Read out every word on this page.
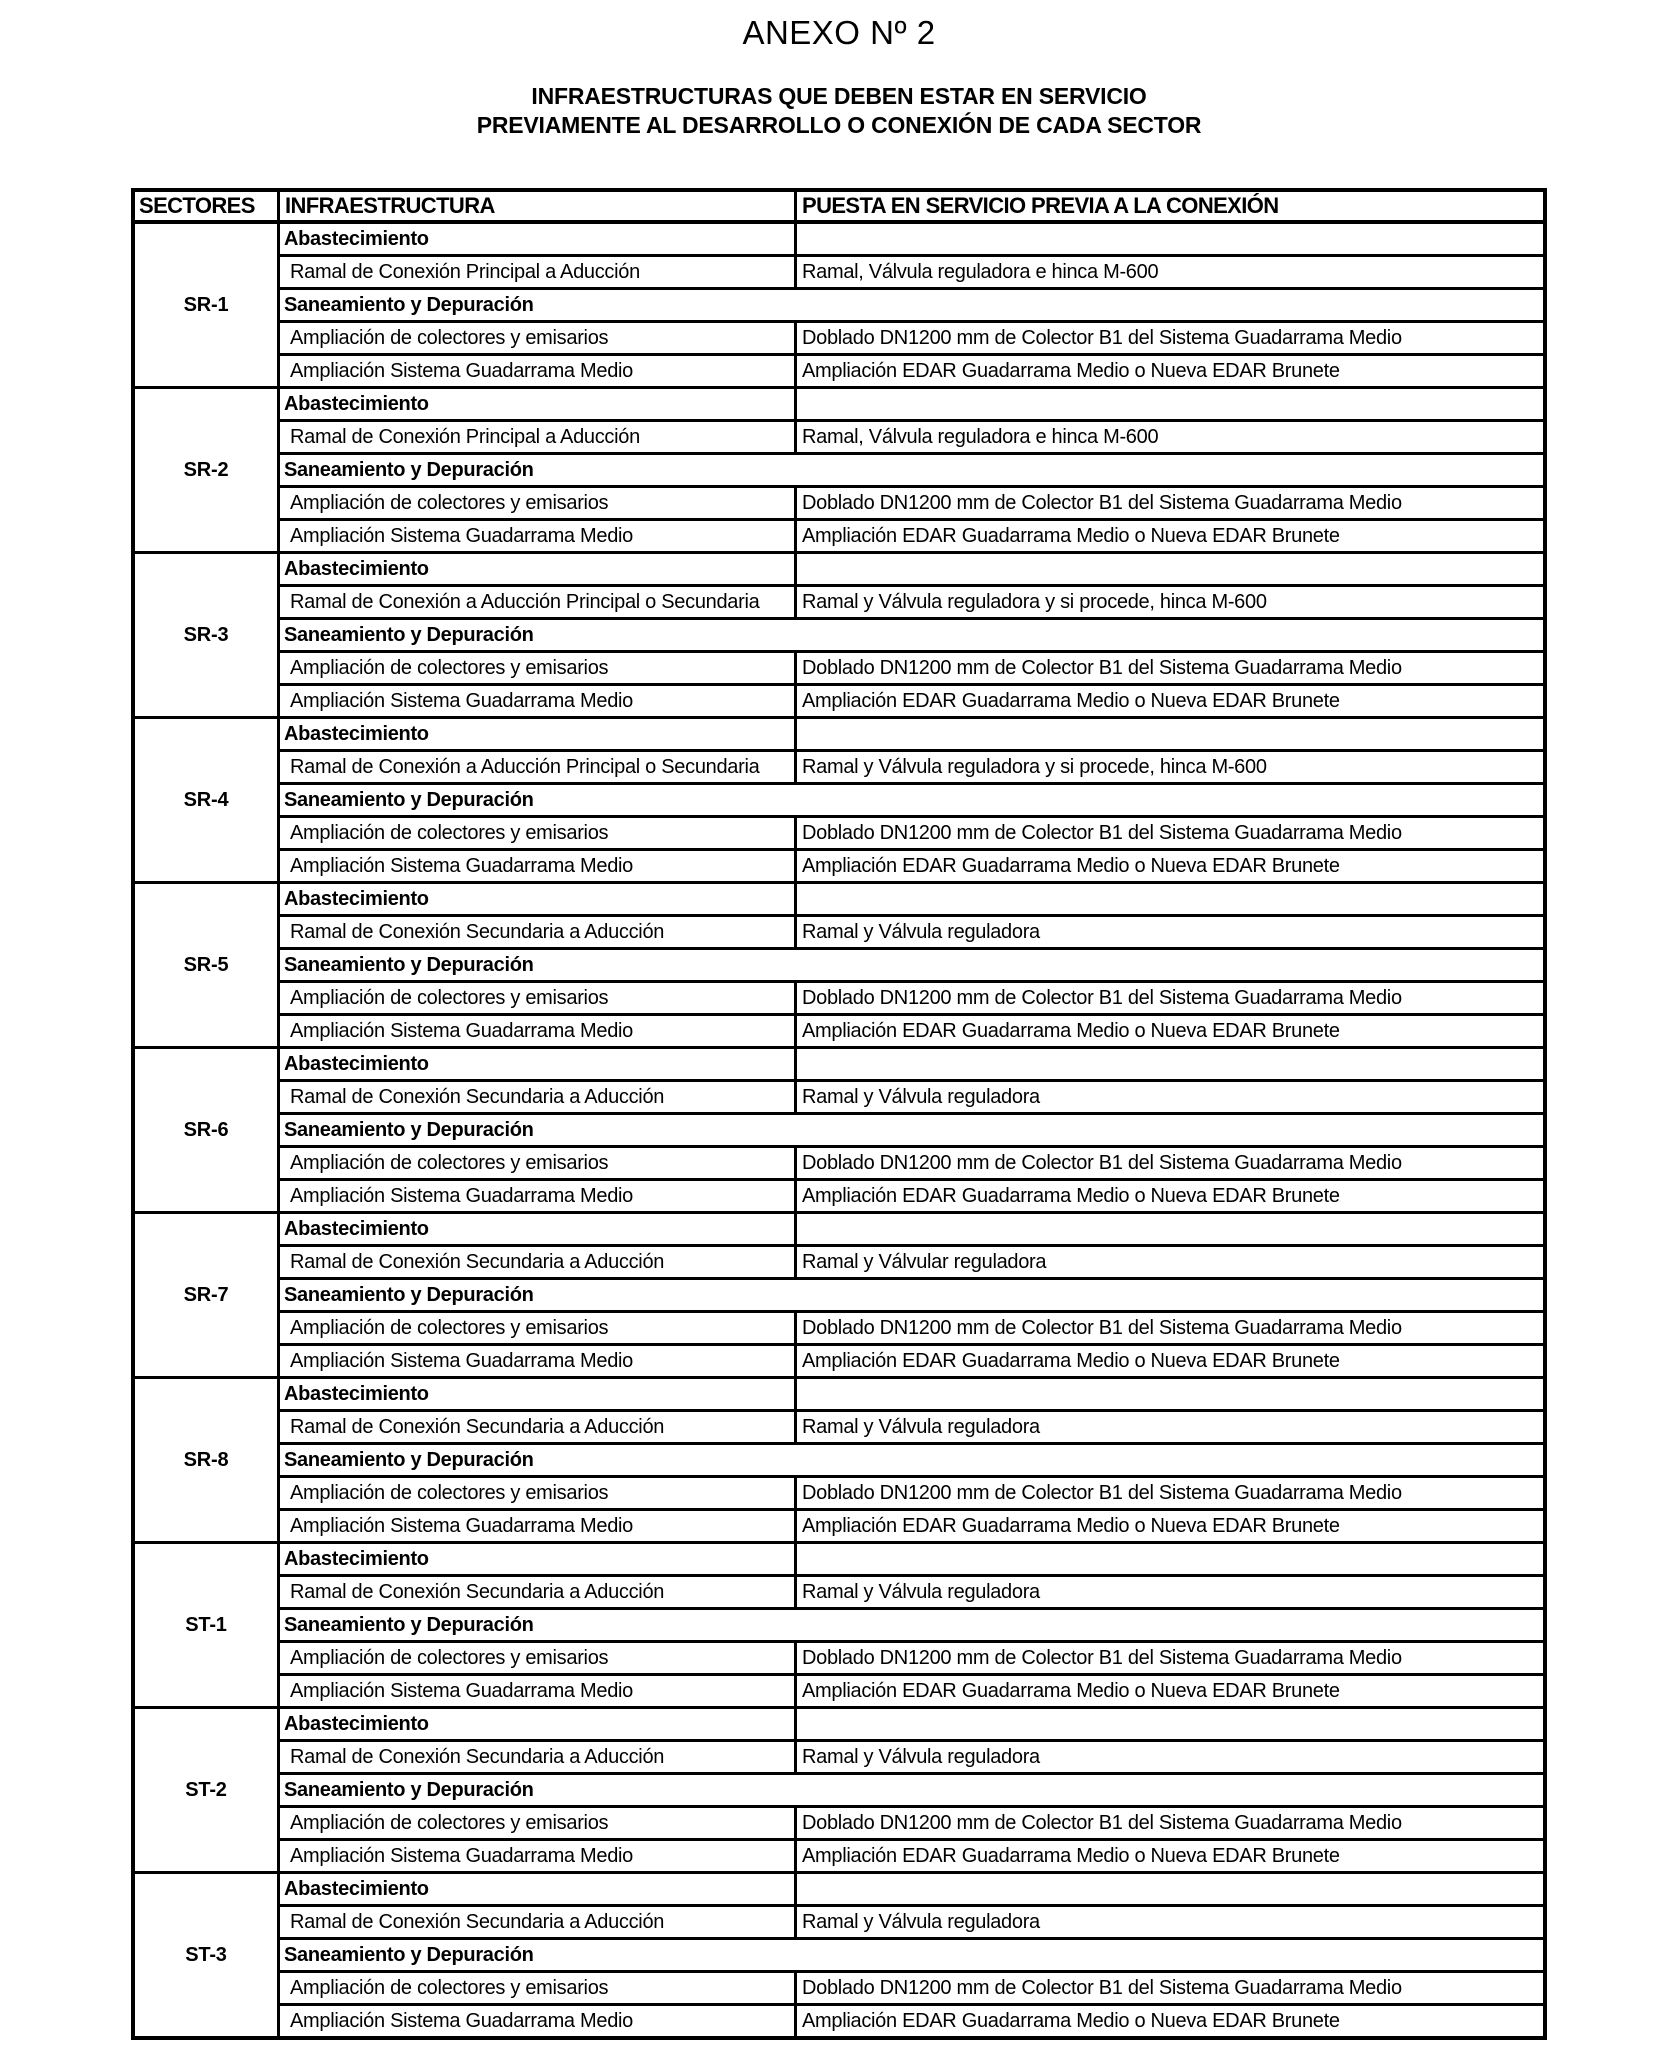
ANEXO Nº 2
INFRAESTRUCTURAS QUE DEBEN ESTAR EN SERVICIO
PREVIAMENTE AL DESARROLLO O CONEXIÓN DE CADA SECTOR
SECTORES	INFRAESTRUCTURA	PUESTA EN SERVICIO PREVIA A LA CONEXIÓN
SR-1
Abastecimiento
Ramal de Conexión Principal a Aducción	Ramal, Válvula reguladora e hinca M-600
Saneamiento y Depuración
Ampliación de colectores y emisarios	Doblado DN1200 mm de Colector B1 del Sistema Guadarrama Medio
Ampliación Sistema Guadarrama Medio	Ampliación EDAR Guadarrama Medio o Nueva EDAR Brunete
SR-2
Abastecimiento
Ramal de Conexión Principal a Aducción	Ramal, Válvula reguladora e hinca M-600
Saneamiento y Depuración
Ampliación de colectores y emisarios	Doblado DN1200 mm de Colector B1 del Sistema Guadarrama Medio
Ampliación Sistema Guadarrama Medio	Ampliación EDAR Guadarrama Medio o Nueva EDAR Brunete
SR-3
Abastecimiento
Ramal de Conexión a Aducción Principal o Secundaria	Ramal y Válvula reguladora y si procede, hinca M-600
Saneamiento y Depuración
Ampliación de colectores y emisarios	Doblado DN1200 mm de Colector B1 del Sistema Guadarrama Medio
Ampliación Sistema Guadarrama Medio	Ampliación EDAR Guadarrama Medio o Nueva EDAR Brunete
SR-4
Abastecimiento
Ramal de Conexión a Aducción Principal o Secundaria	Ramal y Válvula reguladora y si procede, hinca M-600
Saneamiento y Depuración
Ampliación de colectores y emisarios	Doblado DN1200 mm de Colector B1 del Sistema Guadarrama Medio
Ampliación Sistema Guadarrama Medio	Ampliación EDAR Guadarrama Medio o Nueva EDAR Brunete
SR-5
Abastecimiento
Ramal de Conexión Secundaria a Aducción	Ramal y Válvula reguladora
Saneamiento y Depuración
Ampliación de colectores y emisarios	Doblado DN1200 mm de Colector B1 del Sistema Guadarrama Medio
Ampliación Sistema Guadarrama Medio	Ampliación EDAR Guadarrama Medio o Nueva EDAR Brunete
SR-6
Abastecimiento
Ramal de Conexión Secundaria a Aducción	Ramal y Válvula reguladora
Saneamiento y Depuración
Ampliación de colectores y emisarios	Doblado DN1200 mm de Colector B1 del Sistema Guadarrama Medio
Ampliación Sistema Guadarrama Medio	Ampliación EDAR Guadarrama Medio o Nueva EDAR Brunete
SR-7
Abastecimiento
Ramal de Conexión Secundaria a Aducción	Ramal y Válvular reguladora
Saneamiento y Depuración
Ampliación de colectores y emisarios	Doblado DN1200 mm de Colector B1 del Sistema Guadarrama Medio
Ampliación Sistema Guadarrama Medio	Ampliación EDAR Guadarrama Medio o Nueva EDAR Brunete
SR-8
Abastecimiento
Ramal de Conexión Secundaria a Aducción	Ramal y Válvula reguladora
Saneamiento y Depuración
Ampliación de colectores y emisarios	Doblado DN1200 mm de Colector B1 del Sistema Guadarrama Medio
Ampliación Sistema Guadarrama Medio	Ampliación EDAR Guadarrama Medio o Nueva EDAR Brunete
ST-1
Abastecimiento
Ramal de Conexión Secundaria a Aducción	Ramal y Válvula reguladora
Saneamiento y Depuración
Ampliación de colectores y emisarios	Doblado DN1200 mm de Colector B1 del Sistema Guadarrama Medio
Ampliación Sistema Guadarrama Medio	Ampliación EDAR Guadarrama Medio o Nueva EDAR Brunete
ST-2
Abastecimiento
Ramal de Conexión Secundaria a Aducción	Ramal y Válvula reguladora
Saneamiento y Depuración
Ampliación de colectores y emisarios	Doblado DN1200 mm de Colector B1 del Sistema Guadarrama Medio
Ampliación Sistema Guadarrama Medio	Ampliación EDAR Guadarrama Medio o Nueva EDAR Brunete
ST-3
Abastecimiento
Ramal de Conexión Secundaria a Aducción	Ramal y Válvula reguladora
Saneamiento y Depuración
Ampliación de colectores y emisarios	Doblado DN1200 mm de Colector B1 del Sistema Guadarrama Medio
Ampliación Sistema Guadarrama Medio	Ampliación EDAR Guadarrama Medio o Nueva EDAR Brunete
